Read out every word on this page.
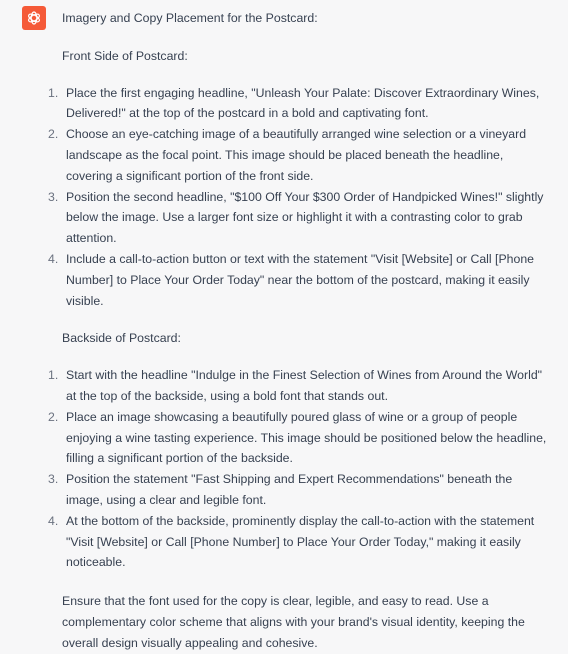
Imagery and Copy Placement for the Postcard:

Front Side of Postcard:

1. Place the first engaging headline, "Unleash Your Palate: Discover Extraordinary Wines, Delivered!" at the top of the postcard in a bold and captivating font.
2. Choose an eye-catching image of a beautifully arranged wine selection or a vineyard landscape as the focal point. This image should be placed beneath the headline, covering a significant portion of the front side.
3. Position the second headline, "$100 Off Your $300 Order of Handpicked Wines!" slightly below the image. Use a larger font size or highlight it with a contrasting color to grab attention.
4. Include a call-to-action button or text with the statement "Visit [Website] or Call [Phone Number] to Place Your Order Today" near the bottom of the postcard, making it easily visible.

Backside of Postcard:

1. Start with the headline "Indulge in the Finest Selection of Wines from Around the World" at the top of the backside, using a bold font that stands out.
2. Place an image showcasing a beautifully poured glass of wine or a group of people enjoying a wine tasting experience. This image should be positioned below the headline, filling a significant portion of the backside.
3. Position the statement "Fast Shipping and Expert Recommendations" beneath the image, using a clear and legible font.
4. At the bottom of the backside, prominently display the call-to-action with the statement "Visit [Website] or Call [Phone Number] to Place Your Order Today," making it easily noticeable.

Ensure that the font used for the copy is clear, legible, and easy to read. Use a complementary color scheme that aligns with your brand's visual identity, keeping the overall design visually appealing and cohesive.
